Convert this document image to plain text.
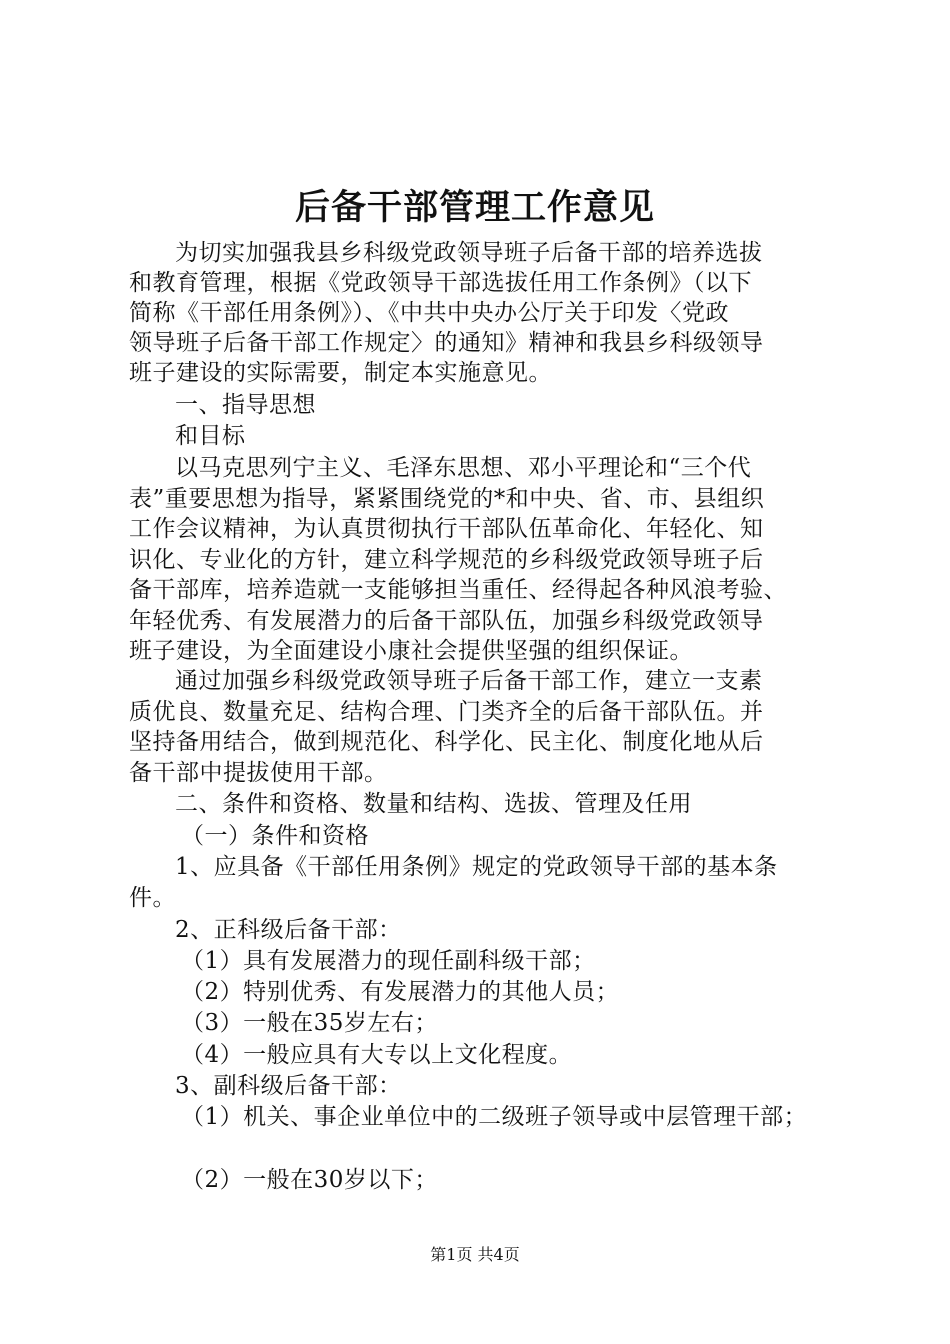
后备干部管理工作意见
为切实加强我县乡科级党政领导班子后备干部的培养选拔
和教育管理，根据《党政领导干部选拔任用工作条例》（以下
简称《干部任用条例》）、《中共中央办公厅关于印发〈党政
领导班子后备干部工作规定〉的通知》精神和我县乡科级领导
班子建设的实际需要，制定本实施意见。
一、指导思想
和目标
以马克思列宁主义、毛泽东思想、邓小平理论和“三个代
表”重要思想为指导，紧紧围绕党的*和中央、省、市、县组织
工作会议精神，为认真贯彻执行干部队伍革命化、年轻化、知
识化、专业化的方针，建立科学规范的乡科级党政领导班子后
备干部库，培养造就一支能够担当重任、经得起各种风浪考验、
年轻优秀、有发展潜力的后备干部队伍，加强乡科级党政领导
班子建设，为全面建设小康社会提供坚强的组织保证。
通过加强乡科级党政领导班子后备干部工作，建立一支素
质优良、数量充足、结构合理、门类齐全的后备干部队伍。并
坚持备用结合，做到规范化、科学化、民主化、制度化地从后
备干部中提拔使用干部。
二、条件和资格、数量和结构、选拔、管理及任用
（一）条件和资格
1、应具备《干部任用条例》规定的党政领导干部的基本条
件。
2、正科级后备干部：
（1）具有发展潜力的现任副科级干部；
（2）特别优秀、有发展潜力的其他人员；
（3）一般在35岁左右；
（4）一般应具有大专以上文化程度。
3、副科级后备干部：
（1）机关、事企业单位中的二级班子领导或中层管理干部；
（2）一般在30岁以下；
第1页 共4页
